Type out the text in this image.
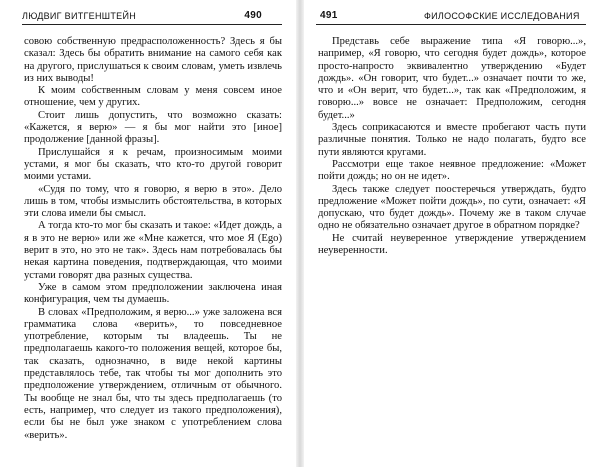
ЛЮДВИГ ВИТГЕНШТЕЙН	490

совою собственную предрасположенность? Здесь я бы сказал: Здесь бы обратить внимание на самого себя как на другого, прислушаться к своим словам, уметь извлечь из них выводы!

К моим собственным словам у меня совсем иное отношение, чем у других.

Стоит лишь допустить, что возможно сказать: «Кажется, я верю» — я бы мог найти это [иное] продолжение [данной фразы].

Прислушайся я к речам, произносимым моими устами, я мог бы сказать, что кто-то другой говорит моими устами.

«Судя по тому, что я говорю, я верю в это». Дело лишь в том, чтобы измыслить обстоятельства, в которых эти слова имели бы смысл.

А тогда кто-то мог бы сказать и такое: «Идет дождь, а я в это не верю» или же «Мне кажется, что мое Я (Ego) верит в это, но это не так». Здесь нам потребовалась бы некая картина поведения, подтверждающая, что моими устами говорят два разных существа.

Уже в самом этом предположении заключена иная конфигурация, чем ты думаешь.

В словах «Предположим, я верю...» уже заложена вся грамматика слова «верить», то повседневное употребление, которым ты владеешь. Ты не предполагаешь какого-то положения вещей, которое бы, так сказать, однозначно, в виде некой картины представлялось тебе, так чтобы ты мог дополнить это предположение утверждением, отличным от обычного. Ты вообще не знал бы, что ты здесь предполагаешь (то есть, например, что следует из такого предположения), если бы не был уже знаком с употреблением слова «верить».

491	ФИЛОСОФСКИЕ ИССЛЕДОВАНИЯ

Представь себе выражение типа «Я говорю...», например, «Я говорю, что сегодня будет дождь», которое просто-напросто эквивалентно утверждению «Будет дождь». «Он говорит, что будет...» означает почти то же, что и «Он верит, что будет...», так как «Предположим, я говорю...» вовсе не означает: Предположим, сегодня будет...»

Здесь соприкасаются и вместе пробегают часть пути различные понятия. Только не надо полагать, будто все пути являются кругами.

Рассмотри еще такое неявное предложение: «Может пойти дождь; но он не идет».

Здесь также следует поостеречься утверждать, будто предложение «Может пойти дождь», по сути, означает: «Я допускаю, что будет дождь». Почему же в таком случае одно не обязательно означает другое в обратном порядке?

Не считай неуверенное утверждение утверждением неуверенности.
